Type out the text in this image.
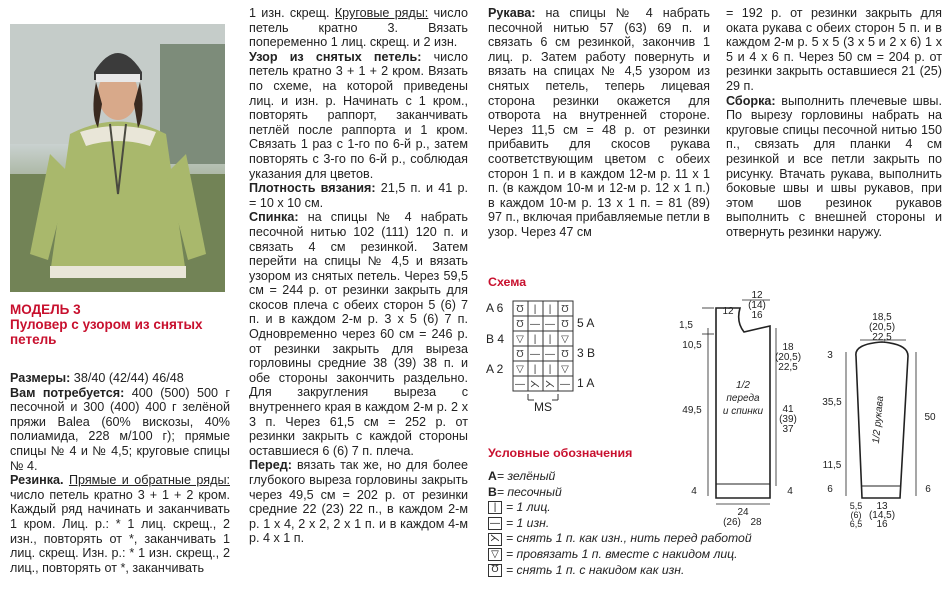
МОДЕЛЬ 3
Пуловер с узором из снятых петель

Размеры: 38/40 (42/44) 46/48

Вам потребуется: 400 (500) 500 г песочной и 300 (400) 400 г зелёной пряжи Balea (60% вискозы, 40% полиамида, 228 м/100 г); прямые спицы № 4 и № 4,5; круговые спицы № 4.

Резинка. Прямые и обратные ряды: число петель кратно 3 + 1 + 2 кром. Каждый ряд начинать и заканчивать 1 кром. Лиц. р.: * 1 лиц. скрещ., 2 изн., повторять от *, заканчивать 1 лиц. скрещ. Изн. р.: * 1 изн. скрещ., 2 лиц., повторять от *, заканчивать

1 изн. скрещ. Круговые ряды: число петель кратно 3. Вязать попеременно 1 лиц. скрещ. и 2 изн.

Узор из снятых петель: число петель кратно 3 + 1 + 2 кром. Вязать по схеме, на которой приведены лиц. и изн. р. Начинать с 1 кром., повторять раппорт, заканчивать петлёй после раппорта и 1 кром. Связать 1 раз с 1-го по 6-й р., затем повторять с 3-го по 6-й р., соблюдая указания для цветов.

Плотность вязания: 21,5 п. и 41 р. = 10 х 10 см.

Спинка: на спицы № 4 набрать песочной нитью 102 (111) 120 п. и связать 4 см резинкой. Затем перейти на спицы № 4,5 и вязать узором из снятых петель. Через 59,5 см = 244 р. от резинки закрыть для скосов плеча с обеих сторон 5 (6) 7 п. и в каждом 2-м р. 3 х 5 (6) 7 п. Одновременно через 60 см = 246 р. от резинки закрыть для выреза горловины средние 38 (39) 38 п. и обе стороны закончить раздельно. Для закругления выреза с внутреннего края в каждом 2-м р. 2 х 3 п. Через 61,5 см = 252 р. от резинки закрыть с каждой стороны оставшиеся 6 (6) 7 п. плеча.

Перед: вязать так же, но для более глубокого выреза горловины закрыть через 49,5 см = 202 р. от резинки средние 22 (23) 22 п., в каждом 2-м р. 1 х 4, 2 х 2, 2 х 1 п. и в каждом 4-м р. 4 х 1 п.

Рукава: на спицы № 4 набрать песочной нитью 57 (63) 69 п. и связать 6 см резинкой, закончив 1 лиц. р. Затем работу повернуть и вязать на спицах № 4,5 узором из снятых петель, теперь лицевая сторона резинки окажется для отворота на внутренней стороне. Через 11,5 см = 48 р. от резинки прибавить для скосов рукава соответствующим цветом с обеих сторон 1 п. и в каждом 12-м р. 11 х 1 п. (в каждом 10-м и 12-м р. 12 х 1 п.) в каждом 10-м р. 13 х 1 п. = 81 (89) 97 п., включая прибавляемые петли в узор. Через 47 см

Схема
A 6
B 4
A 2
Ʊ | | Ʊ
Ʊ — — Ʊ
▽ | | ▽
Ʊ — — Ʊ
▽ | | ▽
— ⋋ ⋋ —
5 A
3 B
1 A
MS
Условные обозначения
A = зелёный
B = песочный
| = 1 лиц.
— = 1 изн.
⋋ = снять 1 п. как изн., нить перед работой
▽ = провязать 1 п. вместе с накидом лиц.
Ʊ = снять 1 п. с накидом как изн.

= 192 р. от резинки закрыть для оката рукава с обеих сторон 5 п. и в каждом 2-м р. 5 х 5 (3 х 5 и 2 х 6) 1 х 5 и 4 х 6 п. Через 50 см = 204 р. от резинки закрыть оставшиеся 21 (25) 29 п.

Сборка: выполнить плечевые швы. По вырезу горловины набрать на круговые спицы песочной нитью 150 п., связать для планки 4 см резинкой и все петли закрыть по рисунку. Втачать рукава, выполнить боковые швы и швы рукавов, при этом шов резинок рукавов выполнить с внешней стороны и отвернуть резинки наружу.

12
(14)
16
12
1,5
10,5	18
(20,5)
22,5
49,5
1/2
переда
и спинки 41
(39)
37
4	4
24
(26) 28
18,5
(20,5)
22,5
3
35,5
11,5
50
6	6
1/2 рукава
5,5
(6)
6,5
13
(14,5)
16
